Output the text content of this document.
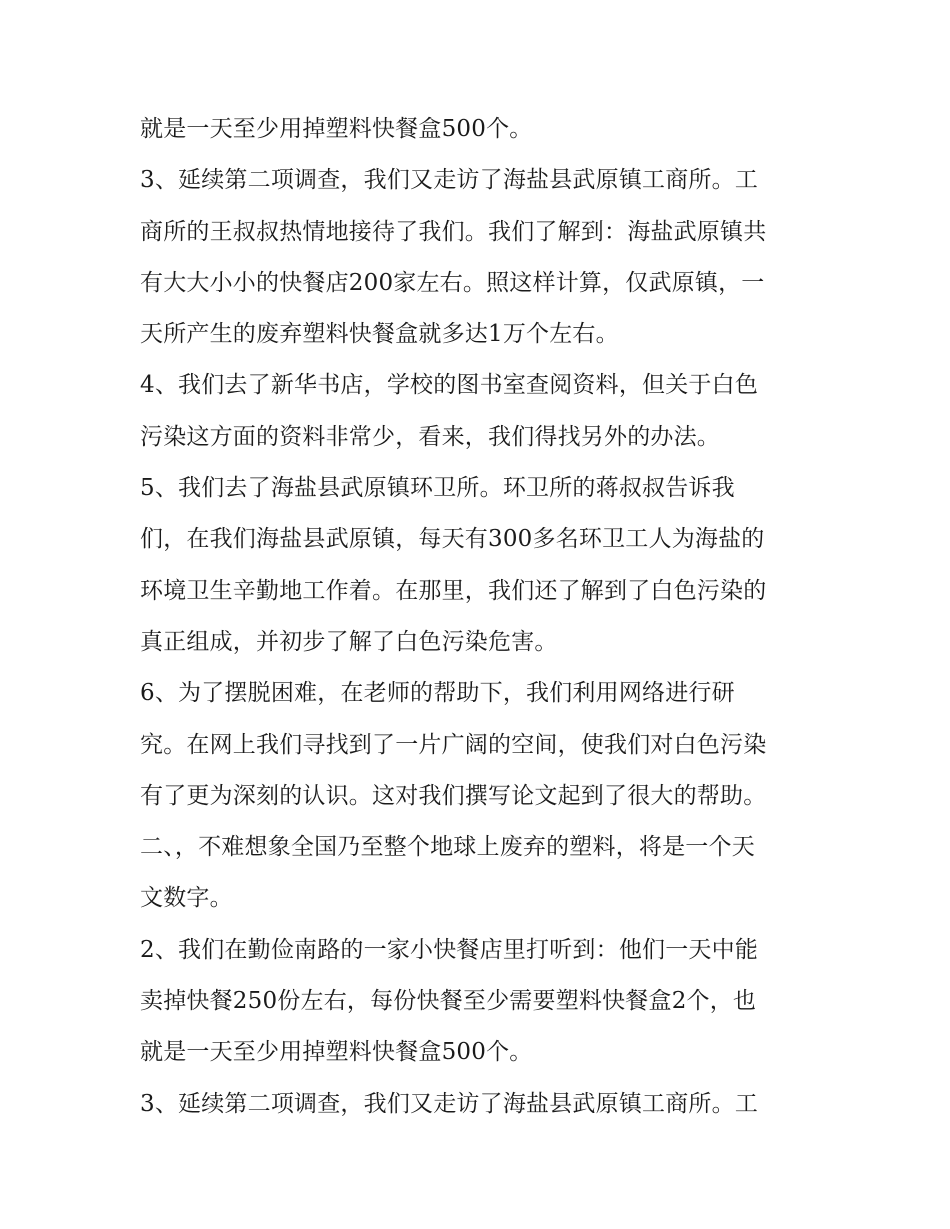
就是一天至少用掉塑料快餐盒500个。
3、延续第二项调查，我们又走访了海盐县武原镇工商所。工
商所的王叔叔热情地接待了我们。我们了解到：海盐武原镇共
有大大小小的快餐店200家左右。照这样计算，仅武原镇，一
天所产生的废弃塑料快餐盒就多达1万个左右。
4、我们去了新华书店，学校的图书室查阅资料，但关于白色
污染这方面的资料非常少，看来，我们得找另外的办法。
5、我们去了海盐县武原镇环卫所。环卫所的蒋叔叔告诉我
们，在我们海盐县武原镇，每天有300多名环卫工人为海盐的
环境卫生辛勤地工作着。在那里，我们还了解到了白色污染的
真正组成，并初步了解了白色污染危害。
6、为了摆脱困难，在老师的帮助下，我们利用网络进行研
究。在网上我们寻找到了一片广阔的空间，使我们对白色污染
有了更为深刻的认识。这对我们撰写论文起到了很大的帮助。
二、，不难想象全国乃至整个地球上废弃的塑料，将是一个天
文数字。
2、我们在勤俭南路的一家小快餐店里打听到：他们一天中能
卖掉快餐250份左右，每份快餐至少需要塑料快餐盒2个，也
就是一天至少用掉塑料快餐盒500个。
3、延续第二项调查，我们又走访了海盐县武原镇工商所。工
